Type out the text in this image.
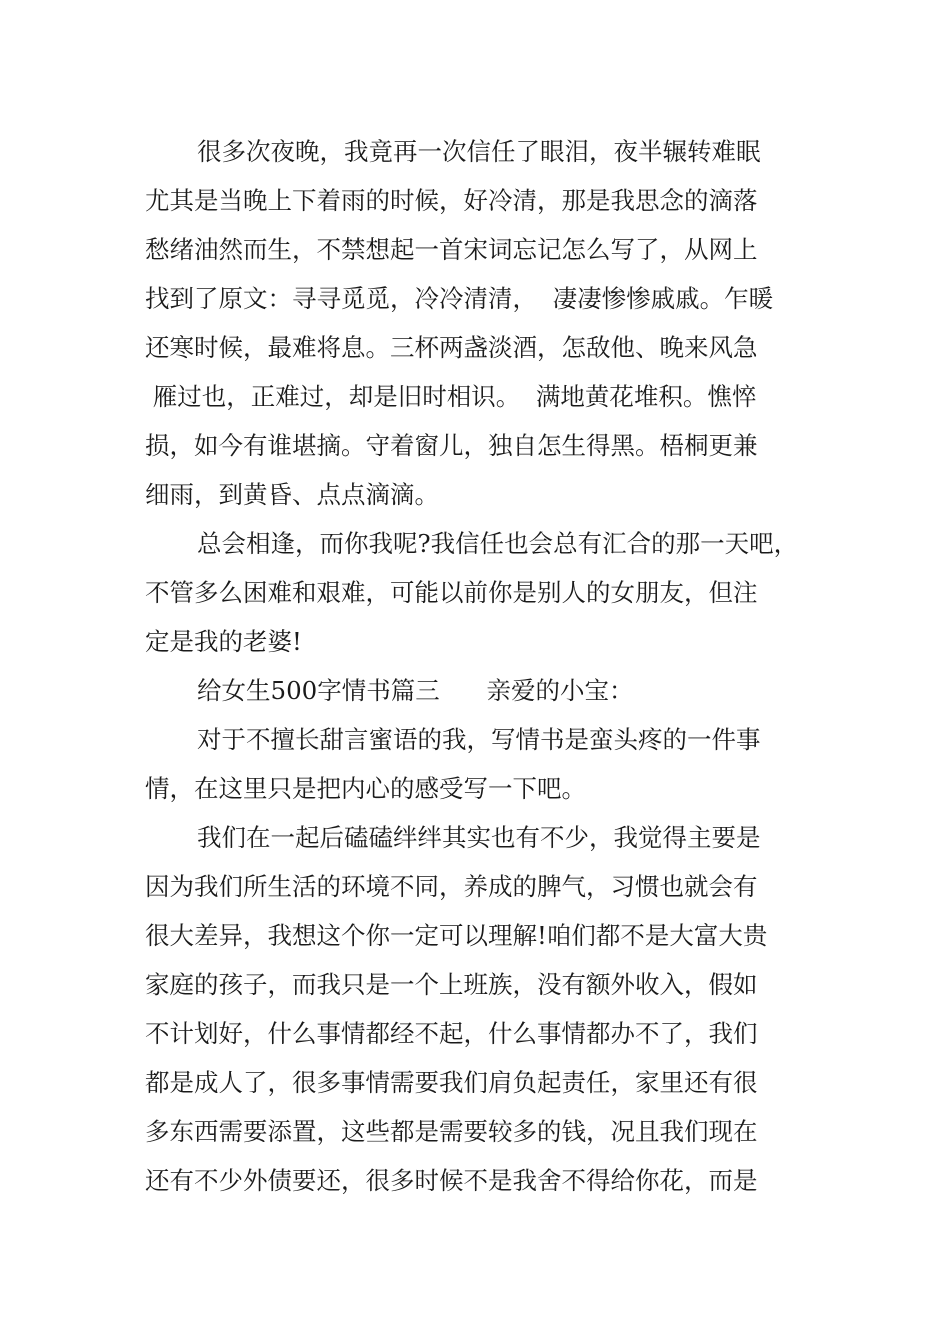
很多次夜晚，我竟再一次信任了眼泪，夜半辗转难眠
尤其是当晚上下着雨的时候，好冷清，那是我思念的滴落
愁绪油然而生，不禁想起一首宋词忘记怎么写了，从网上
找到了原文：寻寻觅觅，冷冷清清，  凄凄惨惨戚戚。乍暖
还寒时候，最难将息。三杯两盏淡酒，怎敌他、晚来风急
雁过也，正难过，却是旧时相识。  满地黄花堆积。憔悴
损，如今有谁堪摘。守着窗儿，独自怎生得黑。梧桐更兼
细雨，到黄昏、点点滴滴。
总会相逢，而你我呢?我信任也会总有汇合的那一天吧，
不管多么困难和艰难，可能以前你是别人的女朋友，但注
定是我的老婆!
给女生500字情书篇三      亲爱的小宝：
对于不擅长甜言蜜语的我，写情书是蛮头疼的一件事
情，在这里只是把内心的感受写一下吧。
我们在一起后磕磕绊绊其实也有不少，我觉得主要是
因为我们所生活的环境不同，养成的脾气，习惯也就会有
很大差异，我想这个你一定可以理解!咱们都不是大富大贵
家庭的孩子，而我只是一个上班族，没有额外收入，假如
不计划好，什么事情都经不起，什么事情都办不了，我们
都是成人了，很多事情需要我们肩负起责任，家里还有很
多东西需要添置，这些都是需要较多的钱，况且我们现在
还有不少外债要还，很多时候不是我舍不得给你花，而是
